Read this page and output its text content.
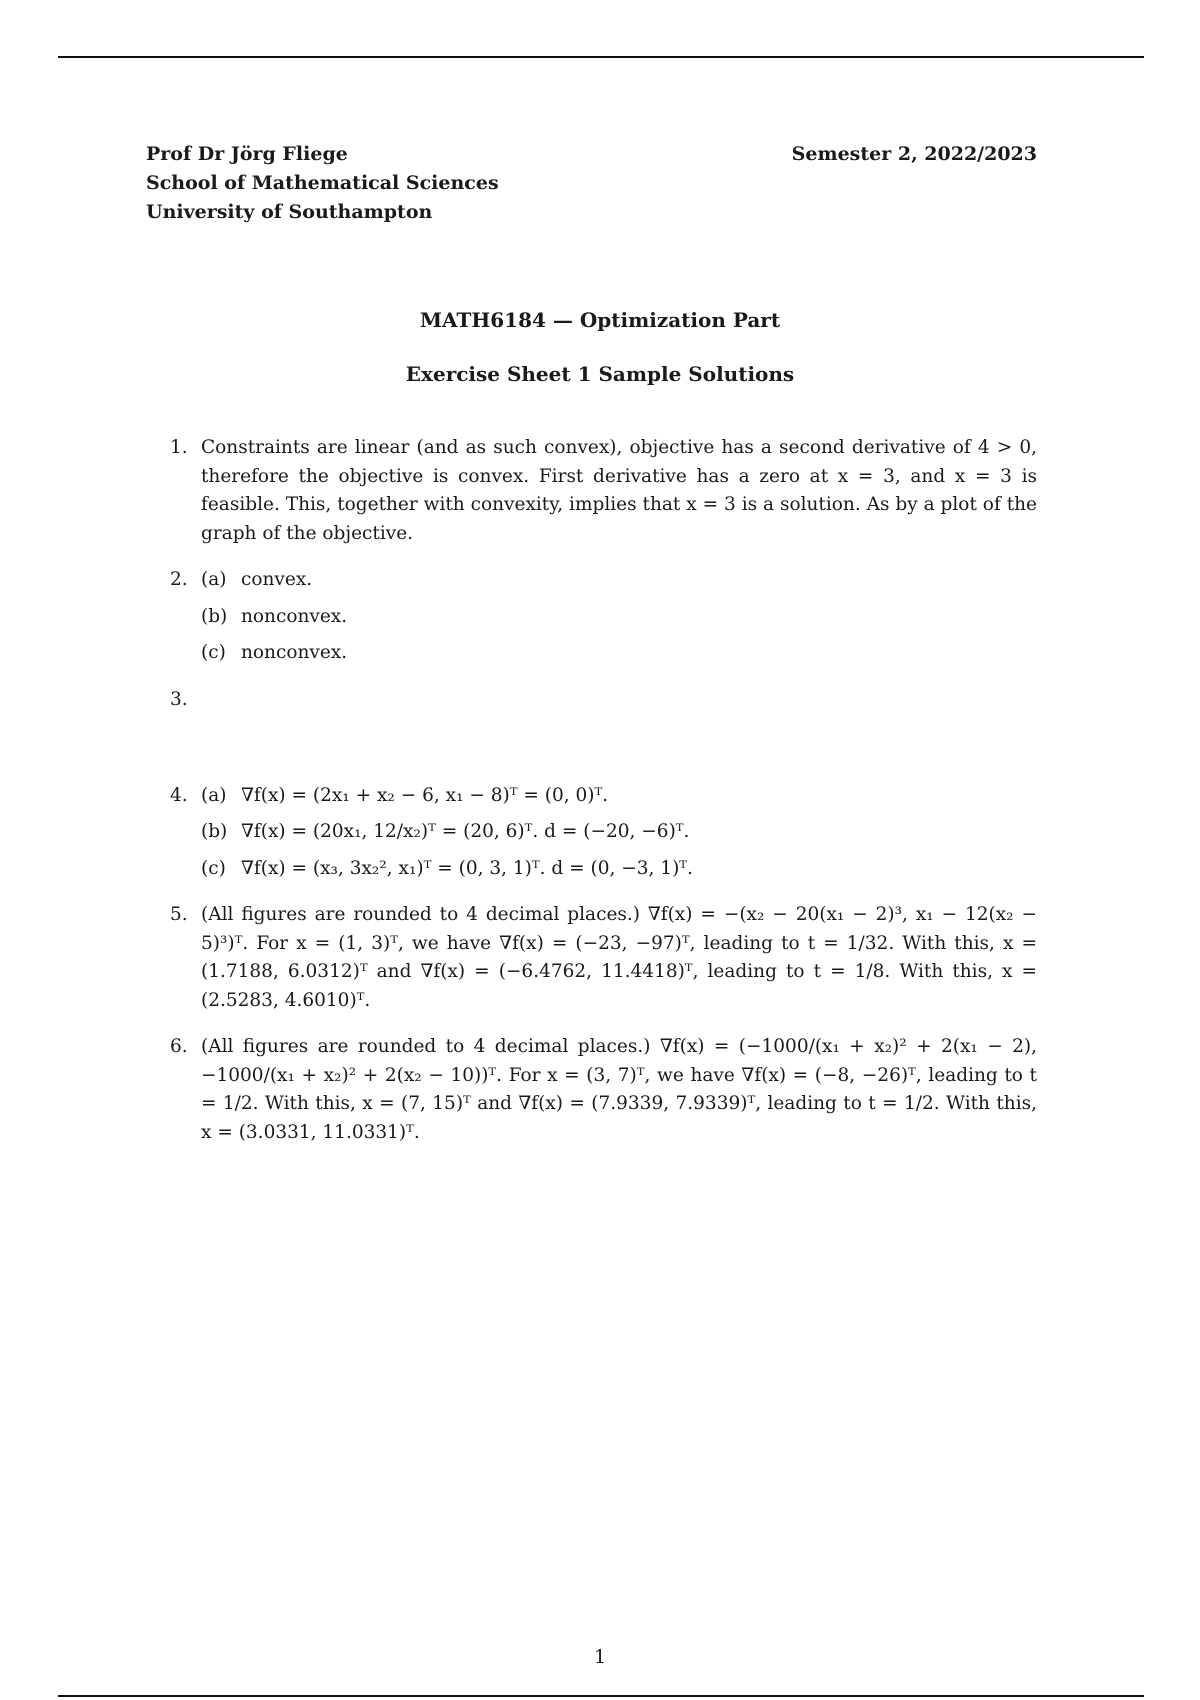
Prof Dr Jörg Fliege
School of Mathematical Sciences
University of Southampton
Semester 2, 2022/2023
MATH6184 — Optimization Part
Exercise Sheet 1 Sample Solutions
1. Constraints are linear (and as such convex), objective has a second derivative of 4 > 0, therefore the objective is convex. First derivative has a zero at x = 3, and x = 3 is feasible. This, together with convexity, implies that x = 3 is a solution. As by a plot of the graph of the objective.
2. (a) convex.
(b) nonconvex.
(c) nonconvex.
3.
4. (a) ∇f(x) = (2x₁ + x₂ − 6, x₁ − 8)ᵀ = (0, 0)ᵀ.
(b) ∇f(x) = (20x₁, 12/x₂)ᵀ = (20, 6)ᵀ. d = (−20, −6)ᵀ.
(c) ∇f(x) = (x₃, 3x₂², x₁)ᵀ = (0, 3, 1)ᵀ. d = (0, −3, 1)ᵀ.
5. (All figures are rounded to 4 decimal places.) ∇f(x) = −(x₂ − 20(x₁ − 2)³, x₁ − 12(x₂ − 5)³)ᵀ. For x = (1, 3)ᵀ, we have ∇f(x) = (−23, −97)ᵀ, leading to t = 1/32. With this, x = (1.7188, 6.0312)ᵀ and ∇f(x) = (−6.4762, 11.4418)ᵀ, leading to t = 1/8. With this, x = (2.5283, 4.6010)ᵀ.
6. (All figures are rounded to 4 decimal places.) ∇f(x) = (−1000/(x₁ + x₂)² + 2(x₁ − 2), −1000/(x₁ + x₂)² + 2(x₂ − 10))ᵀ. For x = (3, 7)ᵀ, we have ∇f(x) = (−8, −26)ᵀ, leading to t = 1/2. With this, x = (7, 15)ᵀ and ∇f(x) = (7.9339, 7.9339)ᵀ, leading to t = 1/2. With this, x = (3.0331, 11.0331)ᵀ.
1
